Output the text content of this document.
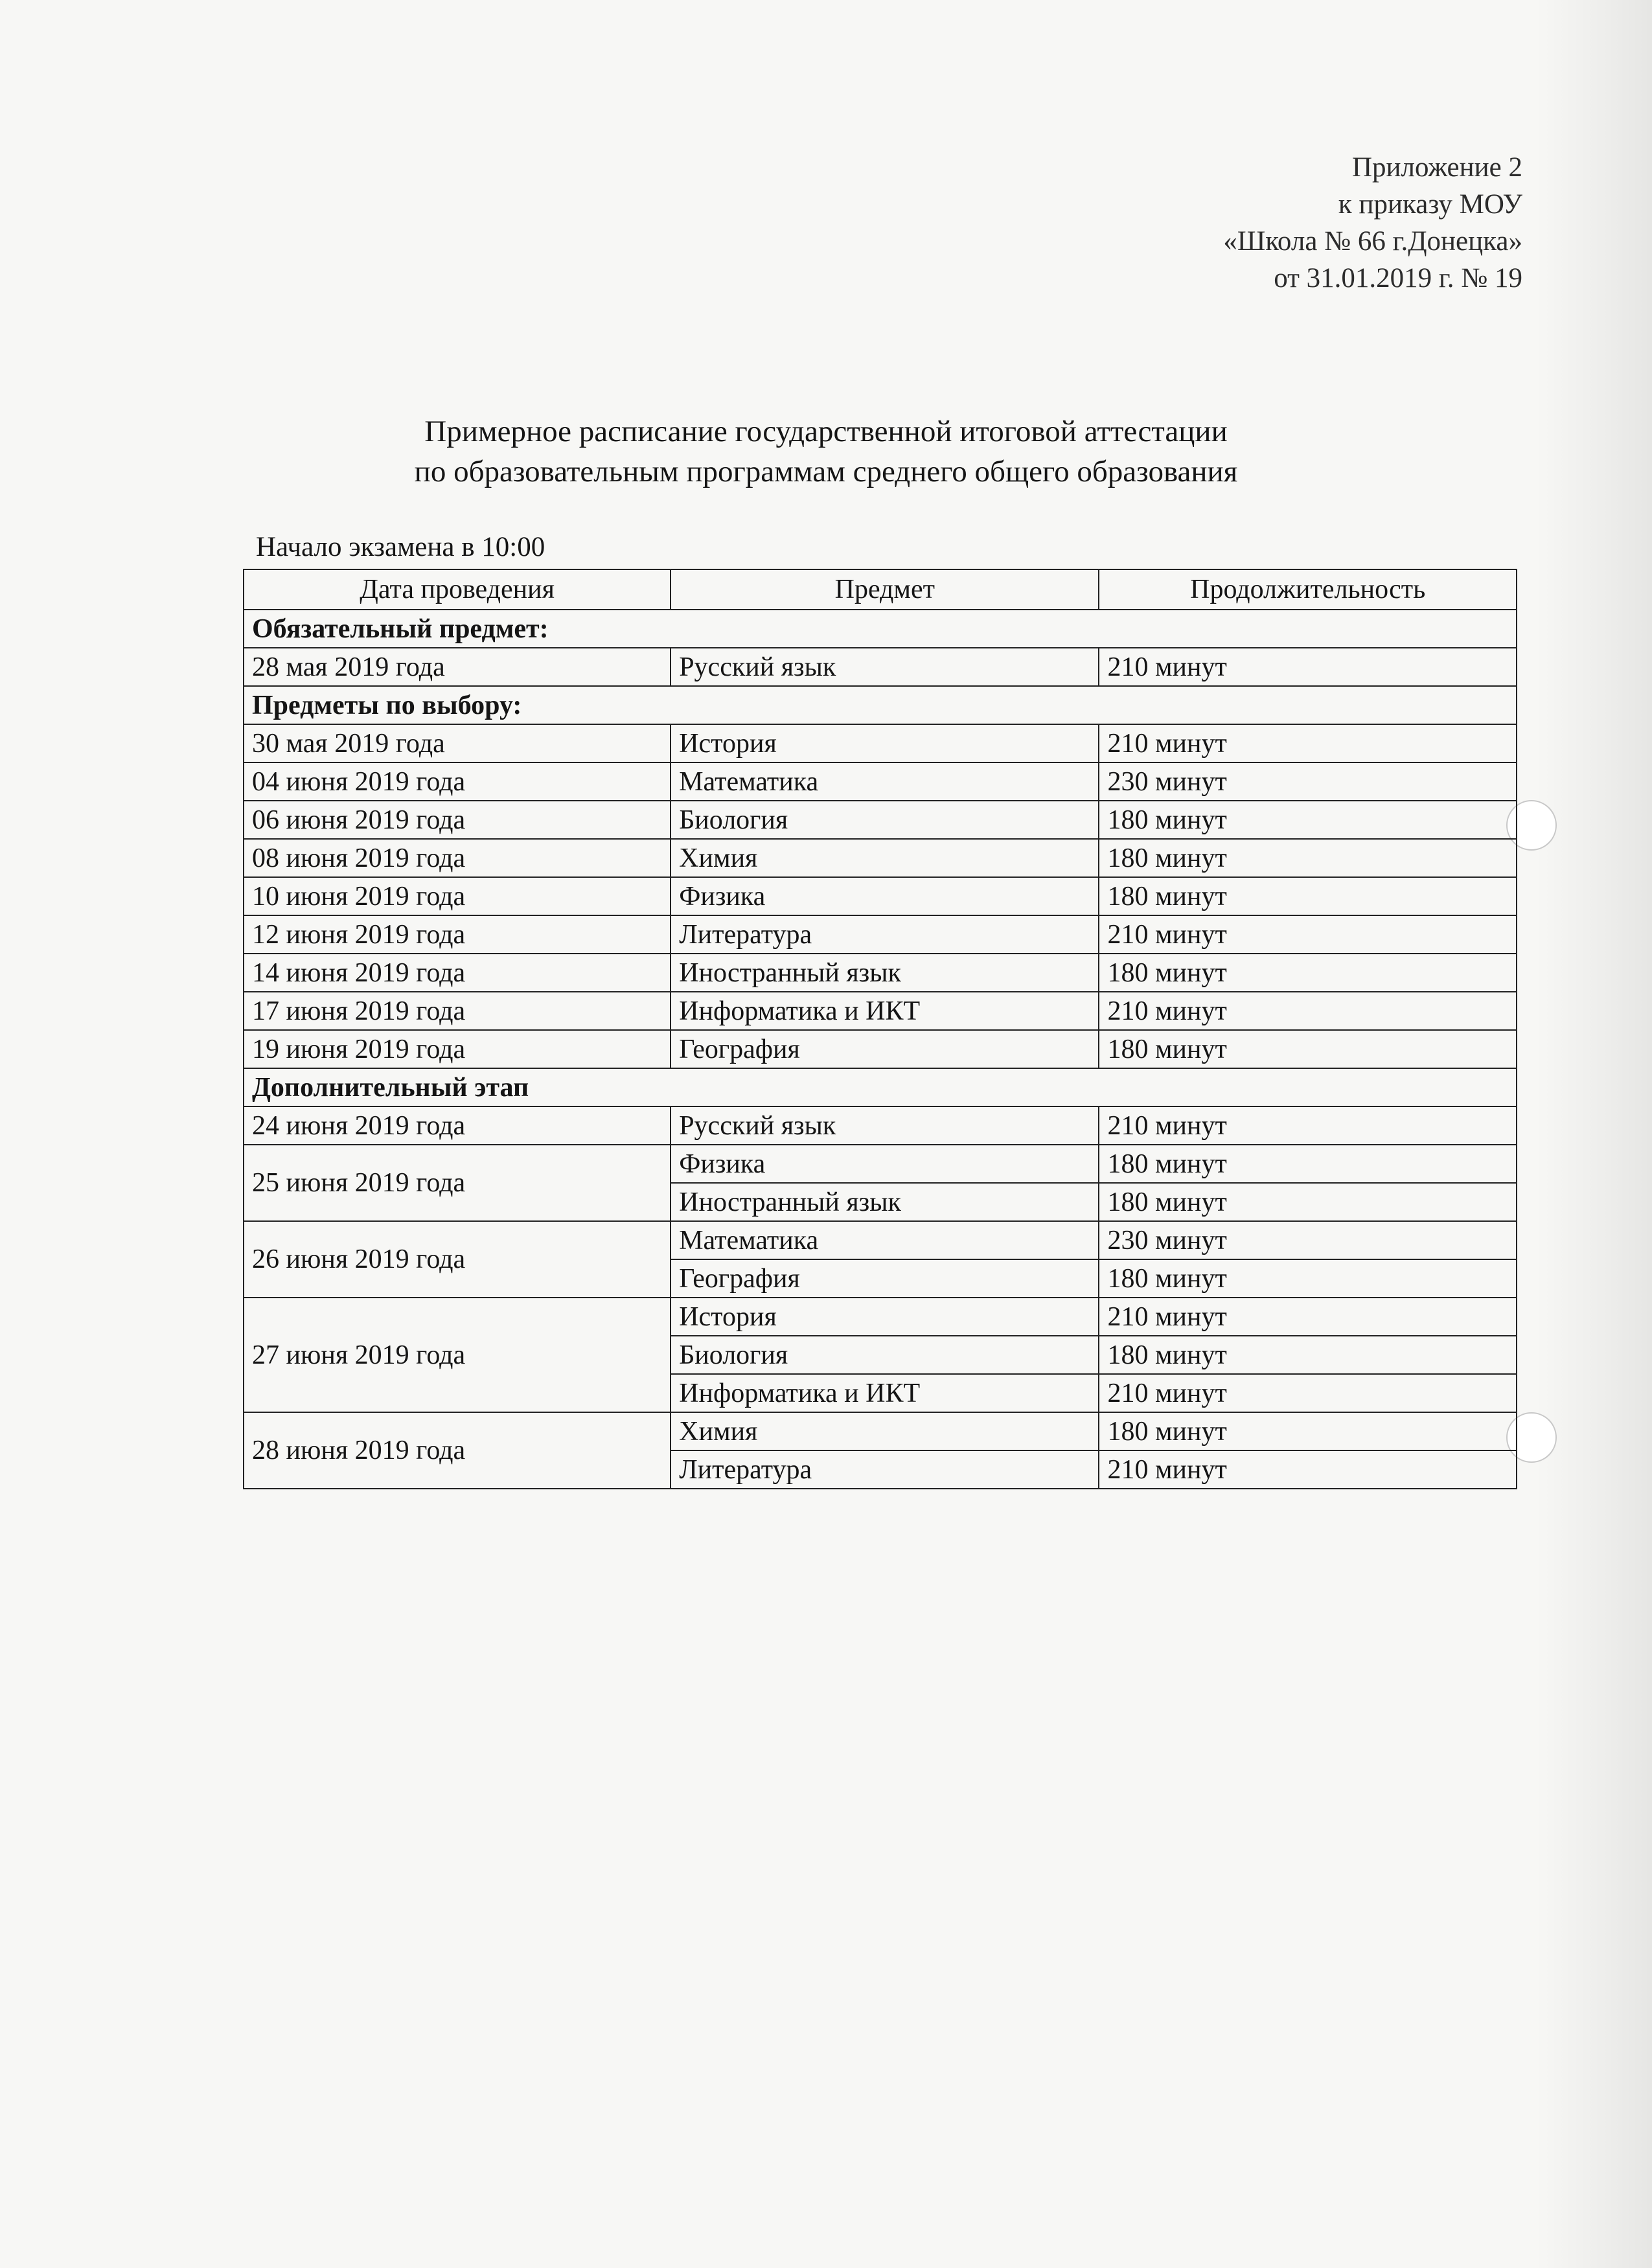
Приложение 2
к приказу МОУ
«Школа № 66 г.Донецка»
от 31.01.2019 г. № 19
Примерное расписание государственной итоговой аттестации
по образовательным программам среднего общего образования
Начало экзамена в 10:00
Дата проведения	Предмет	Продолжительность
Обязательный предмет:		
28 мая 2019 года	Русский язык	210 минут
Предметы по выбору:		
30 мая 2019 года	История	210 минут
04 июня 2019 года	Математика	230 минут
06 июня 2019 года	Биология	180 минут
08 июня 2019 года	Химия	180 минут
10 июня 2019 года	Физика	180 минут
12 июня 2019 года	Литература	210 минут
14 июня 2019 года	Иностранный язык	180 минут
17 июня 2019 года	Информатика и ИКТ	210 минут
19 июня 2019 года	География	180 минут
Дополнительный этап		
24 июня 2019 года	Русский язык	210 минут
25 июня 2019 года	Физика	180 минут
	Иностранный язык	180 минут
26 июня 2019 года	Математика	230 минут
	География	180 минут
27 июня 2019 года	История	210 минут
	Биология	180 минут
	Информатика и ИКТ	210 минут
28 июня 2019 года	Химия	180 минут
	Литература	210 минут
